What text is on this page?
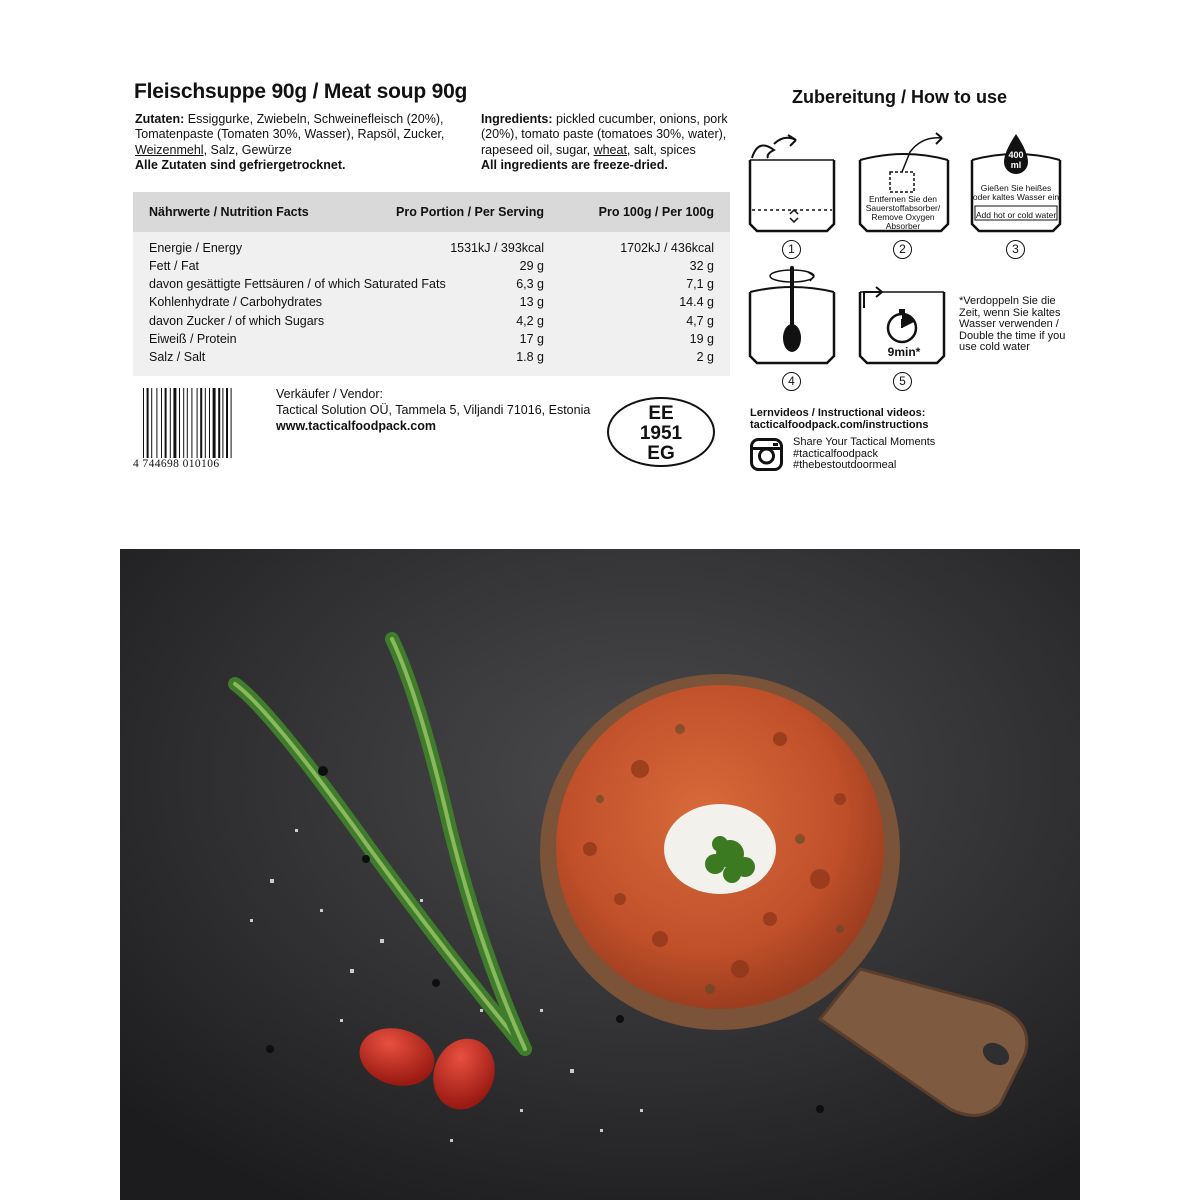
Fleischsuppe 90g / Meat soup 90g
Zutaten: Essiggurke, Zwiebeln, Schweinefleisch (20%), Tomatenpaste (Tomaten 30%, Wasser), Rapsöl, Zucker, Weizenmehl, Salz, Gewürze
Alle Zutaten sind gefriergetrocknet.
Ingredients: pickled cucumber, onions, pork (20%), tomato paste (tomatoes 30%, water), rapeseed oil, sugar, wheat, salt, spices
All ingredients are freeze-dried.
Nährwerte / Nutrition Facts	Pro Portion / Per Serving	Pro 100g / Per 100g
Energie / Energy	1531kJ / 393kcal	1702kJ / 436kcal
Fett / Fat	29 g	32 g
davon gesättigte Fettsäuren / of which Saturated Fats	6,3 g	7,1 g
Kohlenhydrate / Carbohydrates	13 g	14.4 g
davon Zucker / of which Sugars	4,2 g	4,7 g
Eiweiß / Protein	17 g	19 g
Salz / Salt	1.8 g	2 g
4 744698 010106
Verkäufer / Vendor:
Tactical Solution OÜ, Tammela 5, Viljandi 71016, Estonia
www.tacticalfoodpack.com
EE
1951
EG
Zubereitung / How to use
1
Entfernen Sie den Sauerstoffabsorber/ Remove Oxygen Absorber
2
400
ml
Gießen Sie heißes oder kaltes Wasser ein
Add hot or cold water
3
4
9min*
5
*Verdoppeln Sie die Zeit, wenn Sie kaltes Wasser verwenden / Double the time if you use cold water
Lernvideos / Instructional videos:
tacticalfoodpack.com/instructions
Share Your Tactical Moments
#tacticalfoodpack
#thebestoutdoormeal
